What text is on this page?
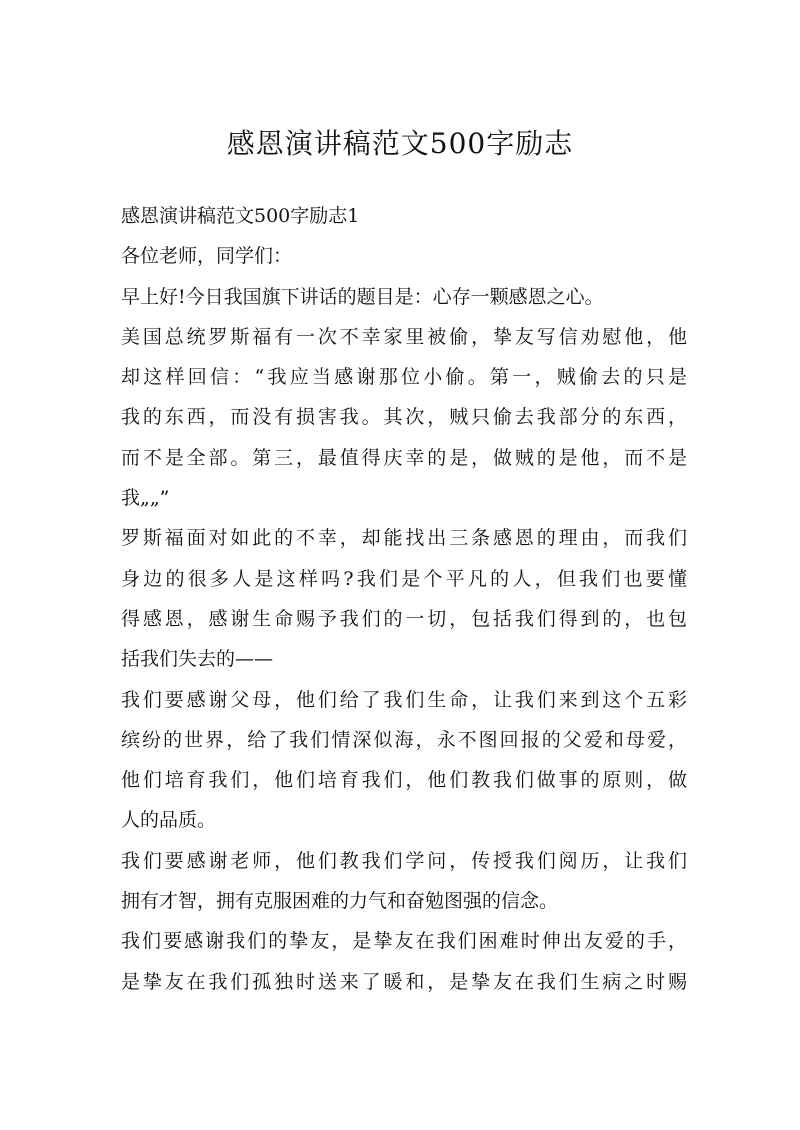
感恩演讲稿范文500字励志
感恩演讲稿范文500字励志1
各位老师，同学们：
早上好!今日我国旗下讲话的题目是：心存一颗感恩之心。
美国总统罗斯福有一次不幸家里被偷，挚友写信劝慰他，他
却这样回信：“我应当感谢那位小偷。第一，贼偷去的只是
我的东西，而没有损害我。其次，贼只偷去我部分的东西，
而不是全部。第三，最值得庆幸的是，做贼的是他，而不是
我„„”
罗斯福面对如此的不幸，却能找出三条感恩的理由，而我们
身边的很多人是这样吗?我们是个平凡的人，但我们也要懂
得感恩，感谢生命赐予我们的一切，包括我们得到的，也包
括我们失去的——
我们要感谢父母，他们给了我们生命，让我们来到这个五彩
缤纷的世界，给了我们情深似海，永不图回报的父爱和母爱，
他们培育我们，他们培育我们，他们教我们做事的原则，做
人的品质。
我们要感谢老师，他们教我们学问，传授我们阅历，让我们
拥有才智，拥有克服困难的力气和奋勉图强的信念。
我们要感谢我们的挚友，是挚友在我们困难时伸出友爱的手，
是挚友在我们孤独时送来了暖和，是挚友在我们生病之时赐
